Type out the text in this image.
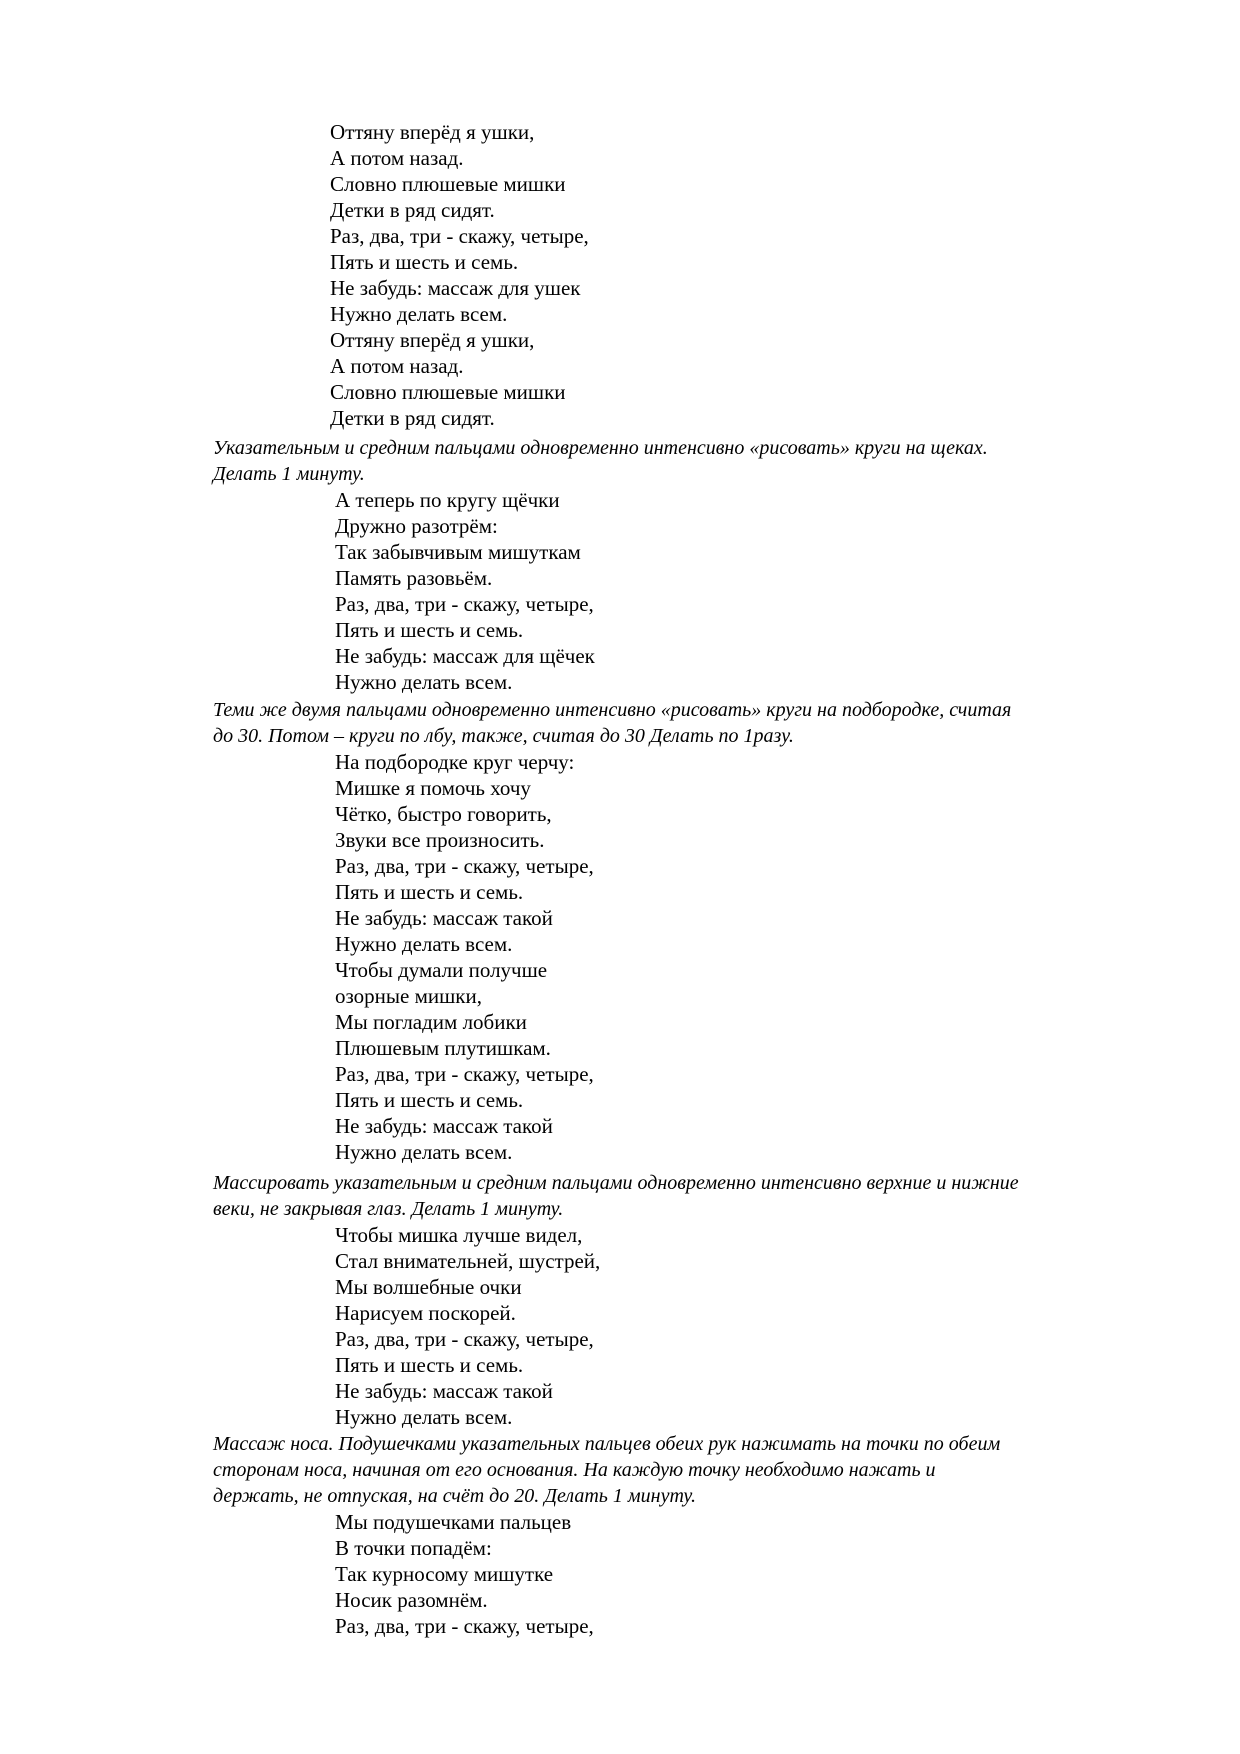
Оттяну вперёд я ушки,
А потом назад.
Словно плюшевые мишки
Детки в ряд сидят.
Раз, два, три - скажу, четыре,
Пять и шесть и семь.
Не забудь: массаж для ушек
Нужно делать всем.
Оттяну вперёд я ушки,
А потом назад.
Словно плюшевые мишки
Детки в ряд сидят.
Указательным и средним пальцами одновременно интенсивно «рисовать» круги на щеках.
Делать 1 минуту.
А теперь по кругу щёчки
Дружно разотрём:
Так забывчивым мишуткам
Память разовьём.
Раз, два, три - скажу, четыре,
Пять и шесть и семь.
Не забудь: массаж для щёчек
Нужно делать всем.
Теми же двумя пальцами одновременно интенсивно «рисовать» круги на подбородке, считая
до 30. Потом – круги по лбу, также, считая до 30 Делать по 1разу.
На подбородке круг черчу:
Мишке я помочь хочу
Чётко, быстро говорить,
Звуки все произносить.
Раз, два, три - скажу, четыре,
Пять и шесть и семь.
Не забудь: массаж такой
Нужно делать всем.
Чтобы думали получше
озорные мишки,
Мы погладим лобики
Плюшевым плутишкам.
Раз, два, три - скажу, четыре,
Пять и шесть и семь.
Не забудь: массаж такой
Нужно делать всем.
Массировать указательным и средним пальцами одновременно интенсивно верхние и нижние
веки, не закрывая глаз. Делать 1 минуту.
Чтобы мишка лучше видел,
Стал внимательней, шустрей,
Мы волшебные очки
Нарисуем поскорей.
Раз, два, три - скажу, четыре,
Пять и шесть и семь.
Не забудь: массаж такой
Нужно делать всем.
Массаж носа. Подушечками указательных пальцев обеих рук нажимать на точки по обеим
сторонам носа, начиная от его основания. На каждую точку необходимо нажать и
держать, не отпуская, на счёт до 20. Делать 1 минуту.
Мы подушечками пальцев
В точки попадём:
Так курносому мишутке
Носик разомнём.
Раз, два, три - скажу, четыре,
